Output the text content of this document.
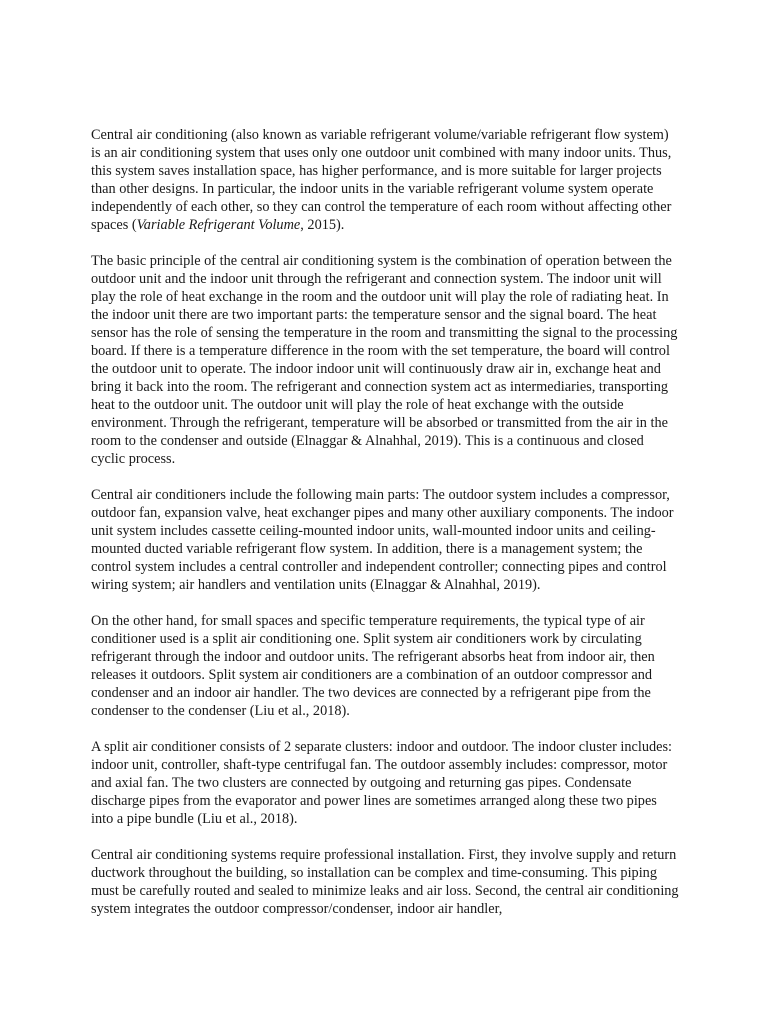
Central air conditioning (also known as variable refrigerant volume/variable refrigerant flow system) is an air conditioning system that uses only one outdoor unit combined with many indoor units. Thus, this system saves installation space, has higher performance, and is more suitable for larger projects than other designs. In particular, the indoor units in the variable refrigerant volume system operate independently of each other, so they can control the temperature of each room without affecting other spaces (Variable Refrigerant Volume, 2015).

The basic principle of the central air conditioning system is the combination of operation between the outdoor unit and the indoor unit through the refrigerant and connection system. The indoor unit will play the role of heat exchange in the room and the outdoor unit will play the role of radiating heat. In the indoor unit there are two important parts: the temperature sensor and the signal board. The heat sensor has the role of sensing the temperature in the room and transmitting the signal to the processing board. If there is a temperature difference in the room with the set temperature, the board will control the outdoor unit to operate. The indoor indoor unit will continuously draw air in, exchange heat and bring it back into the room. The refrigerant and connection system act as intermediaries, transporting heat to the outdoor unit. The outdoor unit will play the role of heat exchange with the outside environment. Through the refrigerant, temperature will be absorbed or transmitted from the air in the room to the condenser and outside (Elnaggar & Alnahhal, 2019). This is a continuous and closed cyclic process.

Central air conditioners include the following main parts: The outdoor system includes a compressor, outdoor fan, expansion valve, heat exchanger pipes and many other auxiliary components. The indoor unit system includes cassette ceiling-mounted indoor units, wall-mounted indoor units and ceiling-mounted ducted variable refrigerant flow system. In addition, there is a management system; the control system includes a central controller and independent controller; connecting pipes and control wiring system; air handlers and ventilation units (Elnaggar & Alnahhal, 2019).

On the other hand, for small spaces and specific temperature requirements, the typical type of air conditioner used is a split air conditioning one. Split system air conditioners work by circulating refrigerant through the indoor and outdoor units. The refrigerant absorbs heat from indoor air, then releases it outdoors. Split system air conditioners are a combination of an outdoor compressor and condenser and an indoor air handler. The two devices are connected by a refrigerant pipe from the condenser to the condenser (Liu et al., 2018).

A split air conditioner consists of 2 separate clusters: indoor and outdoor. The indoor cluster includes: indoor unit, controller, shaft-type centrifugal fan. The outdoor assembly includes: compressor, motor and axial fan. The two clusters are connected by outgoing and returning gas pipes. Condensate discharge pipes from the evaporator and power lines are sometimes arranged along these two pipes into a pipe bundle (Liu et al., 2018).

Central air conditioning systems require professional installation. First, they involve supply and return ductwork throughout the building, so installation can be complex and time-consuming. This piping must be carefully routed and sealed to minimize leaks and air loss. Second, the central air conditioning system integrates the outdoor compressor/condenser, indoor air handler,
